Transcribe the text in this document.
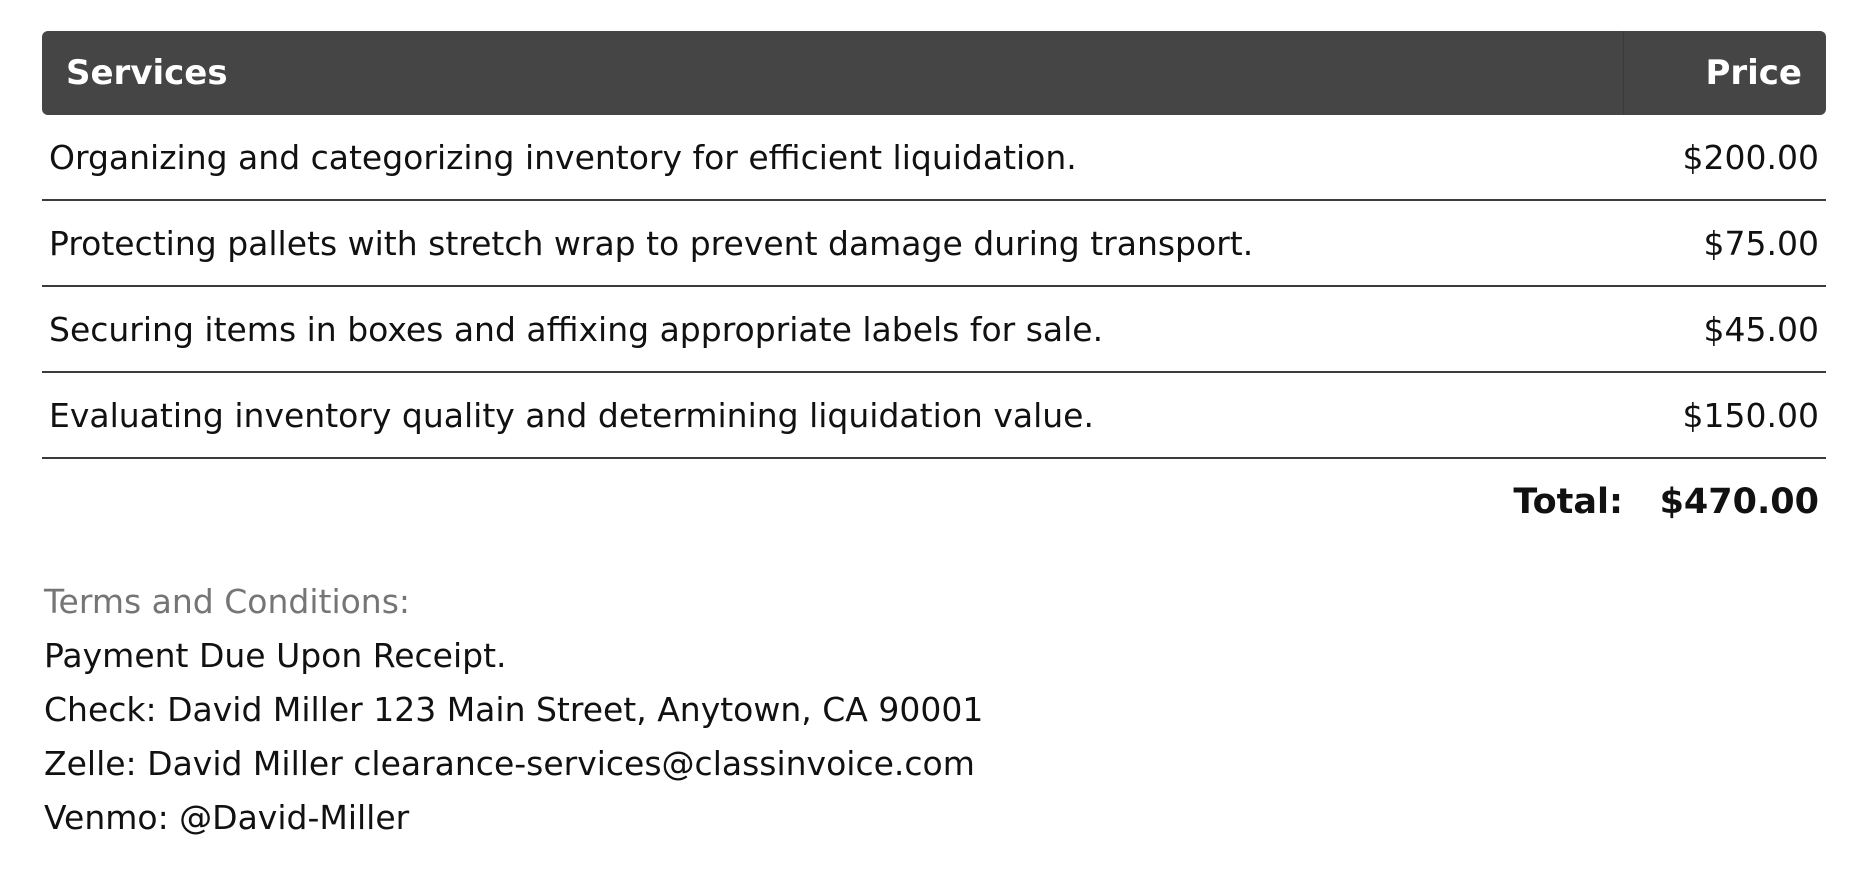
Services	Price
Organizing and categorizing inventory for efficient liquidation.	$200.00
Protecting pallets with stretch wrap to prevent damage during transport.	$75.00
Securing items in boxes and affixing appropriate labels for sale.	$45.00
Evaluating inventory quality and determining liquidation value.	$150.00
Total:	$470.00
Terms and Conditions:
Payment Due Upon Receipt.
Check: David Miller 123 Main Street, Anytown, CA 90001
Zelle: David Miller clearance-services@classinvoice.com
Venmo: @David-Miller
